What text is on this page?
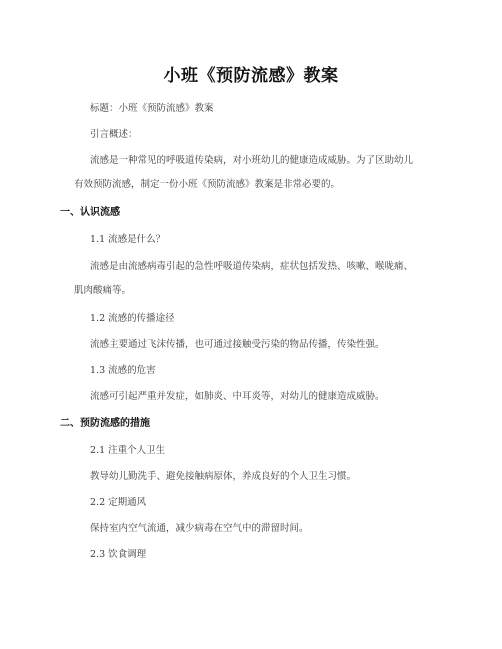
小班《预防流感》教案
标题：小班《预防流感》教案
引言概述：
流感是一种常见的呼吸道传染病，对小班幼儿的健康造成威胁。为了区助幼儿
有效预防流感，制定一份小班《预防流感》教案是非常必要的。
一、认识流感
1.1 流感是什么？
流感是由流感病毒引起的急性呼吸道传染病，症状包括发热、咳嗽、喉咙痛、
肌肉酸痛等。
1.2 流感的传播途径
流感主要通过飞沫传播，也可通过接触受污染的物品传播，传染性强。
1.3 流感的危害
流感可引起严重并发症，如肺炎、中耳炎等，对幼儿的健康造成威胁。
二、预防流感的措施
2.1 注重个人卫生
教导幼儿勤洗手、避免接触病原体，养成良好的个人卫生习惯。
2.2 定期通风
保持室内空气流通，减少病毒在空气中的滞留时间。
2.3 饮食调理
